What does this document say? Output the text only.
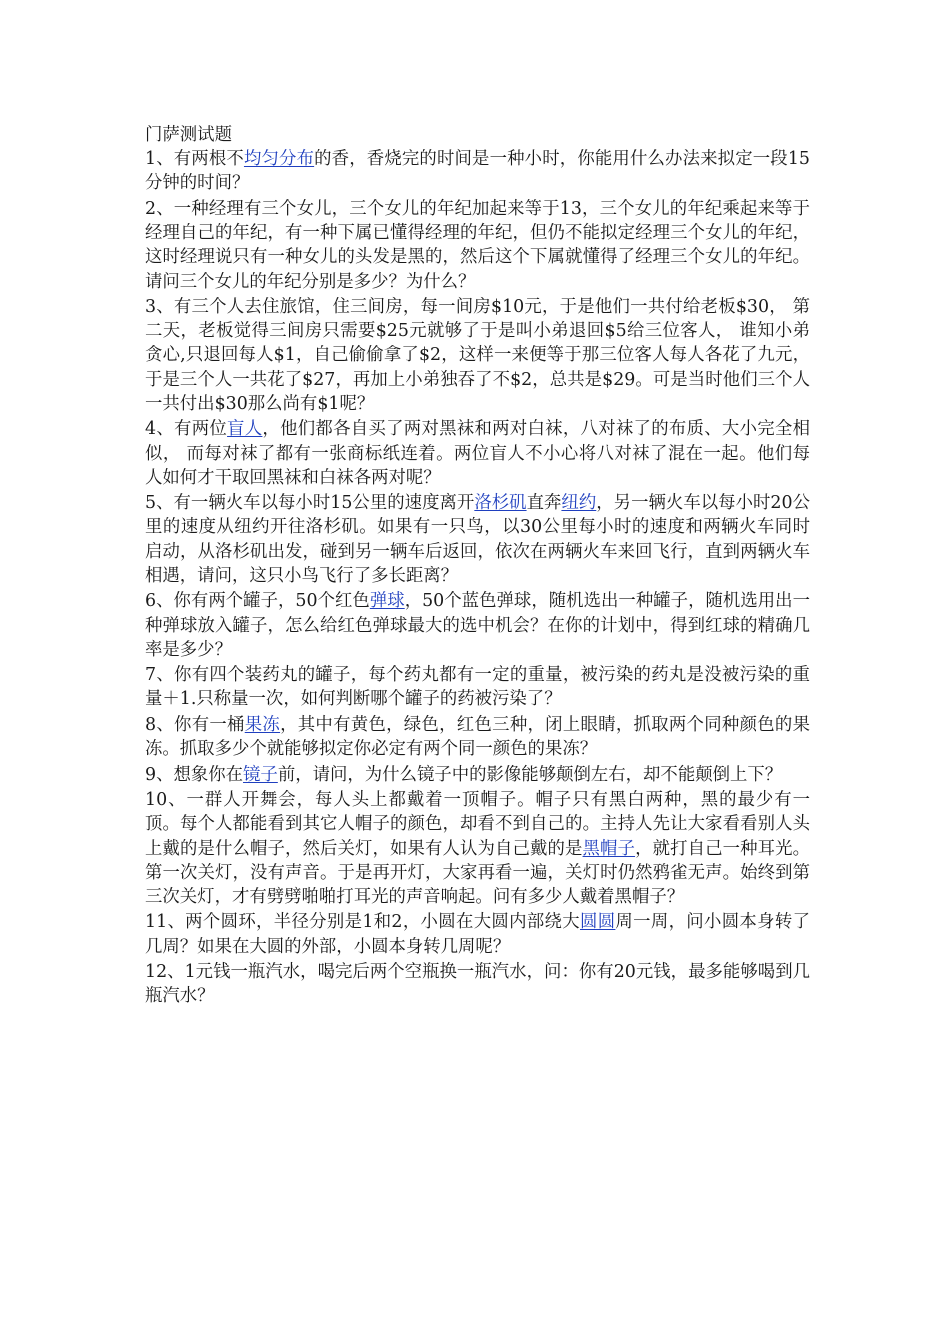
门萨测试题

1、有两根不均匀分布的香，香烧完的时间是一种小时，你能用什么办法来拟定一段15分钟的时间？

2、一种经理有三个女儿，三个女儿的年纪加起来等于13，三个女儿的年纪乘起来等于经理自己的年纪，有一种下属已懂得经理的年纪，但仍不能拟定经理三个女儿的年纪，这时经理说只有一种女儿的头发是黑的，然后这个下属就懂得了经理三个女儿的年纪。请问三个女儿的年纪分别是多少？为什么？

3、有三个人去住旅馆，住三间房，每一间房$10元，于是他们一共付给老板$30， 第二天，老板觉得三间房只需要$25元就够了于是叫小弟退回$5给三位客人， 谁知小弟贪心,只退回每人$1，自己偷偷拿了$2，这样一来便等于那三位客人每人各花了九元， 于是三个人一共花了$27，再加上小弟独吞了不$2，总共是$29。可是当时他们三个人一共付出$30那么尚有$1呢？

4、有两位盲人，他们都各自买了两对黑袜和两对白袜，八对袜了的布质、大小完全相似， 而每对袜了都有一张商标纸连着。两位盲人不小心将八对袜了混在一起。他们每人如何才干取回黑袜和白袜各两对呢？

5、有一辆火车以每小时15公里的速度离开洛杉矶直奔纽约，另一辆火车以每小时20公里的速度从纽约开往洛杉矶。如果有一只鸟，以30公里每小时的速度和两辆火车同时启动，从洛杉矶出发，碰到另一辆车后返回，依次在两辆火车来回飞行，直到两辆火车相遇，请问，这只小鸟飞行了多长距离？

6、你有两个罐子，50个红色弹球，50个蓝色弹球，随机选出一种罐子，随机选用出一种弹球放入罐子，怎么给红色弹球最大的选中机会？在你的计划中，得到红球的精确几率是多少？

7、你有四个装药丸的罐子，每个药丸都有一定的重量，被污染的药丸是没被污染的重量＋1.只称量一次，如何判断哪个罐子的药被污染了？

8、你有一桶果冻，其中有黄色，绿色，红色三种，闭上眼睛，抓取两个同种颜色的果冻。抓取多少个就能够拟定你必定有两个同一颜色的果冻？

9、想象你在镜子前，请问，为什么镜子中的影像能够颠倒左右，却不能颠倒上下？

10、一群人开舞会，每人头上都戴着一顶帽子。帽子只有黑白两种，黑的最少有一顶。每个人都能看到其它人帽子的颜色，却看不到自己的。主持人先让大家看看别人头上戴的是什么帽子，然后关灯，如果有人认为自己戴的是黑帽子，就打自己一种耳光。第一次关灯，没有声音。于是再开灯，大家再看一遍，关灯时仍然鸦雀无声。始终到第三次关灯，才有劈劈啪啪打耳光的声音响起。问有多少人戴着黑帽子？

11、两个圆环，半径分别是1和2，小圆在大圆内部绕大圆圆周一周，问小圆本身转了几周？如果在大圆的外部，小圆本身转几周呢？

12、1元钱一瓶汽水，喝完后两个空瓶换一瓶汽水，问：你有20元钱，最多能够喝到几瓶汽水？
